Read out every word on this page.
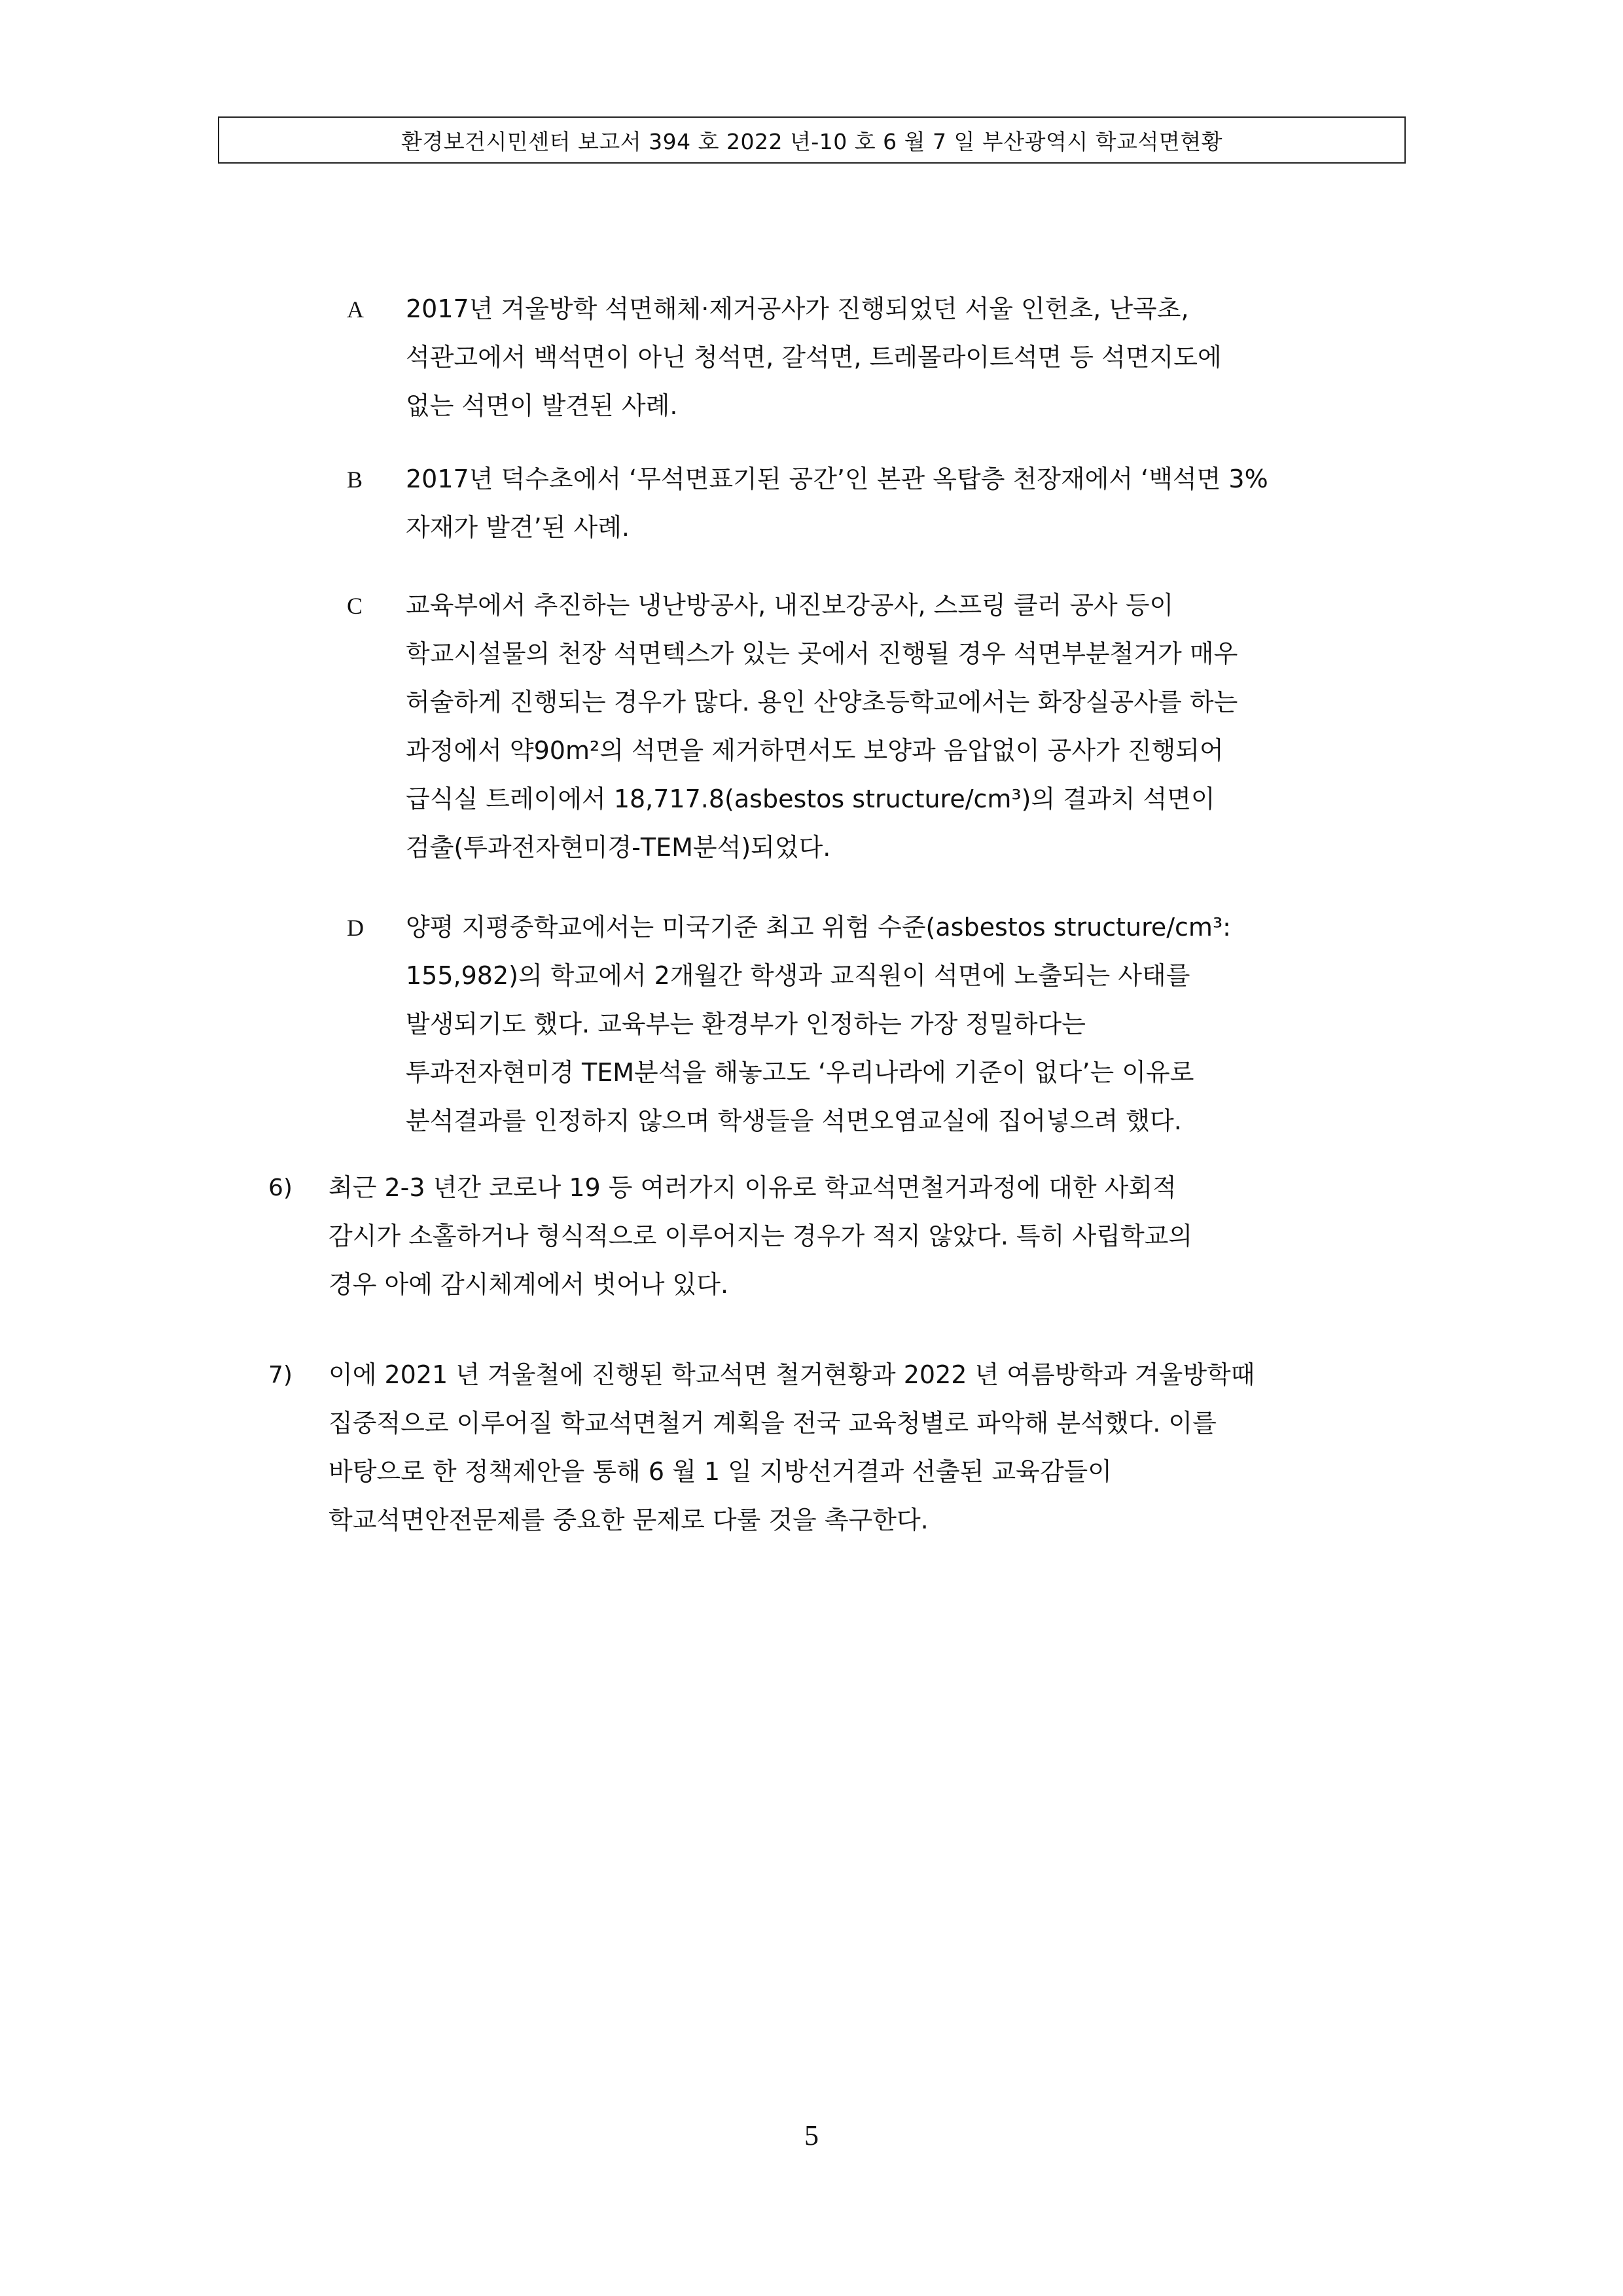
환경보건시민센터 보고서 394 호 2022 년-10 호 6 월 7 일 부산광역시 학교석면현황
A 2017년 겨울방학 석면해체·제거공사가 진행되었던 서울 인헌초, 난곡초,
석관고에서 백석면이 아닌 청석면, 갈석면, 트레몰라이트석면 등 석면지도에
없는 석면이 발견된 사례.
B 2017년 덕수초에서 ‘무석면표기된 공간’인 본관 옥탑층 천장재에서 ‘백석면 3%
자재가 발견’된 사례.
C 교육부에서 추진하는 냉난방공사, 내진보강공사, 스프링 클러 공사 등이
학교시설물의 천장 석면텍스가 있는 곳에서 진행될 경우 석면부분철거가 매우
허술하게 진행되는 경우가 많다. 용인 산양초등학교에서는 화장실공사를 하는
과정에서 약90m²의 석면을 제거하면서도 보양과 음압없이 공사가 진행되어
급식실 트레이에서 18,717.8(asbestos structure/cm³)의 결과치 석면이
검출(투과전자현미경-TEM분석)되었다.
D 양평 지평중학교에서는 미국기준 최고 위험 수준(asbestos structure/cm³:
155,982)의 학교에서 2개월간 학생과 교직원이 석면에 노출되는 사태를
발생되기도 했다. 교육부는 환경부가 인정하는 가장 정밀하다는
투과전자현미경 TEM분석을 해놓고도 ‘우리나라에 기준이 없다’는 이유로
분석결과를 인정하지 않으며 학생들을 석면오염교실에 집어넣으려 했다.
6) 최근 2-3 년간 코로나 19 등 여러가지 이유로 학교석면철거과정에 대한 사회적
감시가 소홀하거나 형식적으로 이루어지는 경우가 적지 않았다. 특히 사립학교의
경우 아예 감시체계에서 벗어나 있다.
7) 이에 2021 년 겨울철에 진행된 학교석면 철거현황과 2022 년 여름방학과 겨울방학때
집중적으로 이루어질 학교석면철거 계획을 전국 교육청별로 파악해 분석했다. 이를
바탕으로 한 정책제안을 통해 6 월 1 일 지방선거결과 선출된 교육감들이
학교석면안전문제를 중요한 문제로 다룰 것을 촉구한다.
5
